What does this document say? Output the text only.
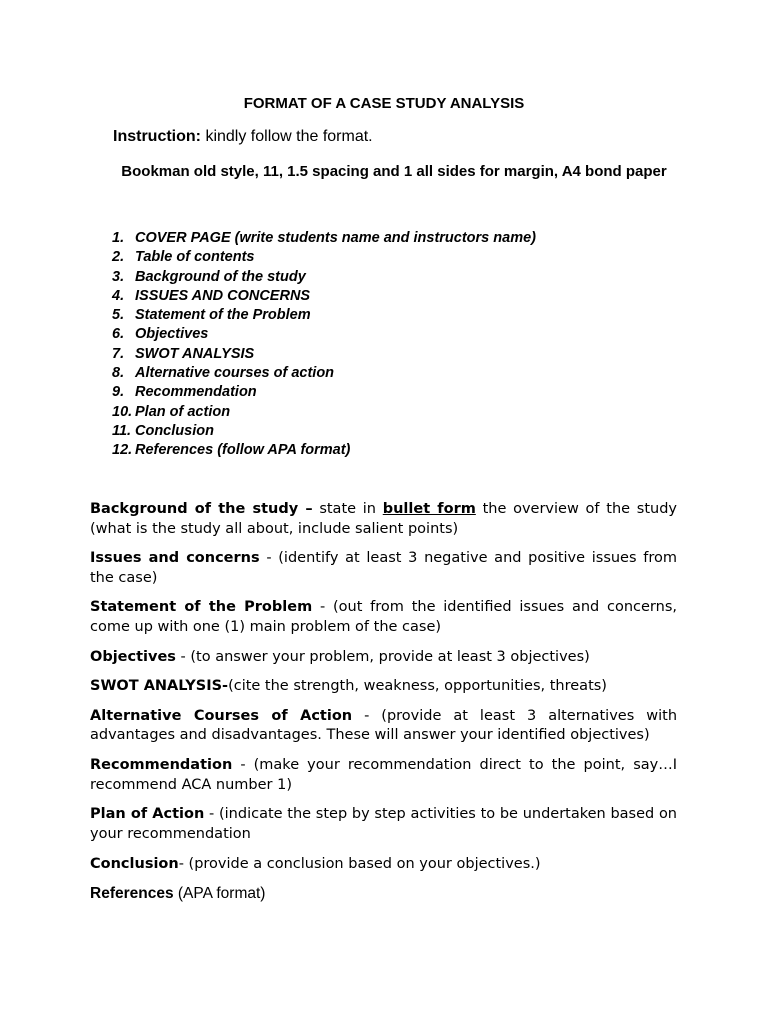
FORMAT OF A CASE STUDY ANALYSIS
Instruction: kindly follow the format.
Bookman old style, 11, 1.5 spacing and 1 all sides for margin, A4 bond paper
1. COVER PAGE (write students name and instructors name)
2. Table of contents
3. Background of the study
4. ISSUES AND CONCERNS
5. Statement of the Problem
6. Objectives
7. SWOT ANALYSIS
8. Alternative courses of action
9. Recommendation
10. Plan of action
11. Conclusion
12. References (follow APA format)

Background of the study – state in bullet form the overview of the study (what is the study all about, include salient points)

Issues and concerns - (identify at least 3 negative and positive issues from the case)

Statement of the Problem - (out from the identified issues and concerns, come up with one (1) main problem of the case)

Objectives - (to answer your problem, provide at least 3 objectives)

SWOT ANALYSIS-(cite the strength, weakness, opportunities, threats)

Alternative Courses of Action - (provide at least 3 alternatives with advantages and disadvantages. These will answer your identified objectives)

Recommendation - (make your recommendation direct to the point, say…I recommend ACA number 1)

Plan of Action - (indicate the step by step activities to be undertaken based on your recommendation

Conclusion- (provide a conclusion based on your objectives.)

References (APA format)
